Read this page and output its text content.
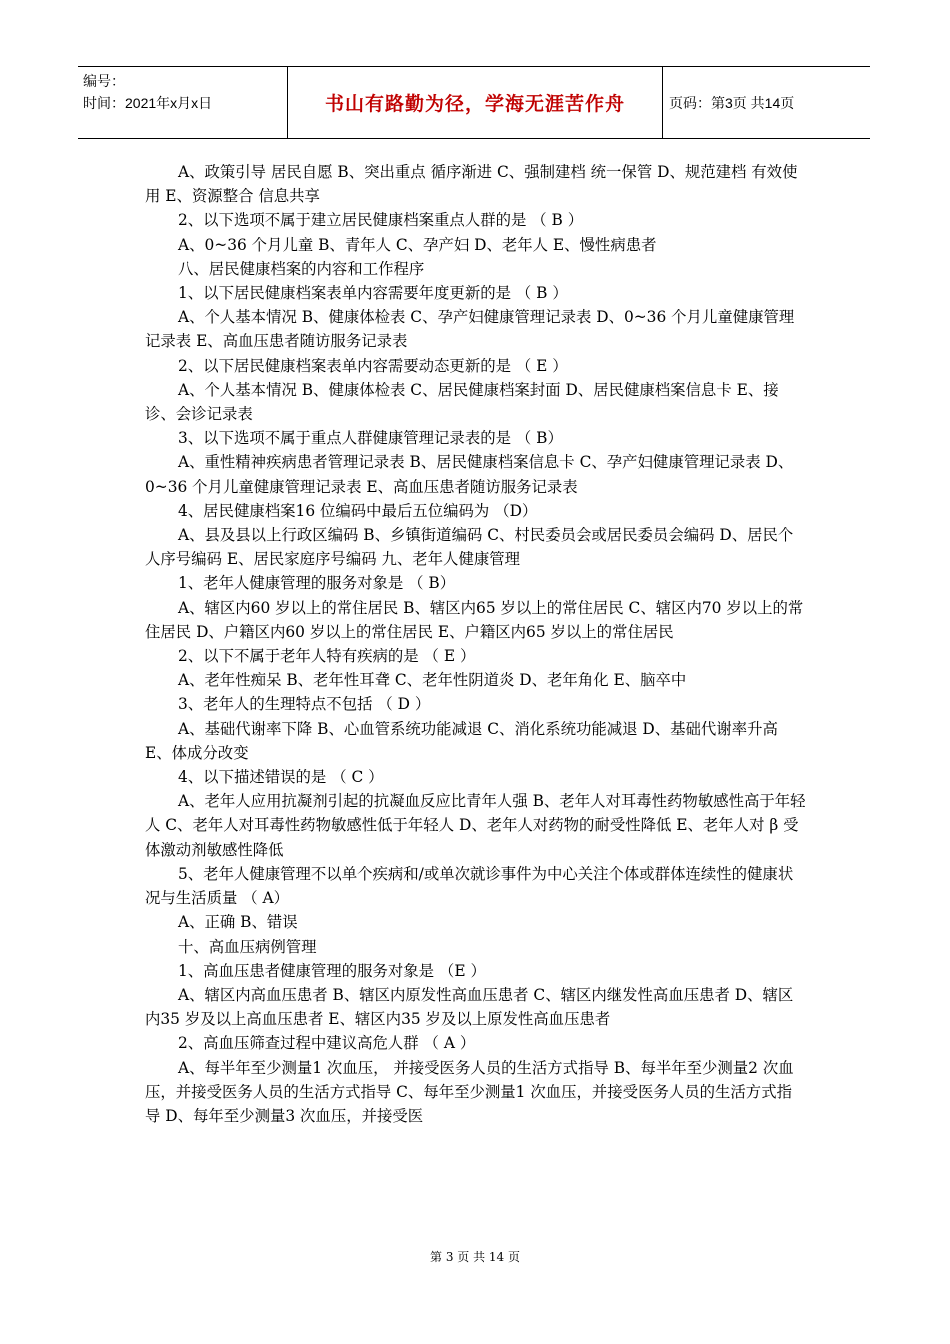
编号：
时间：2021年x月x日	书山有路勤为径，学海无涯苦作舟	页码：第3页 共14页

A、政策引导 居民自愿 B、突出重点 循序渐进 C、强制建档 统一保管 D、规范建档 有效使用 E、资源整合 信息共享

2、以下选项不属于建立居民健康档案重点人群的是 （ B ）

A、0~36 个月儿童 B、青年人 C、孕产妇 D、老年人 E、慢性病患者

八、居民健康档案的内容和工作程序

1、以下居民健康档案表单内容需要年度更新的是 （ B ）

A、个人基本情况 B、健康体检表 C、孕产妇健康管理记录表 D、0~36 个月儿童健康管理记录表 E、高血压患者随访服务记录表

2、以下居民健康档案表单内容需要动态更新的是 （ E ）

A、个人基本情况 B、健康体检表 C、居民健康档案封面 D、居民健康档案信息卡 E、接诊、会诊记录表

3、以下选项不属于重点人群健康管理记录表的是 （ B）

A、重性精神疾病患者管理记录表 B、居民健康档案信息卡 C、孕产妇健康管理记录表 D、0~36 个月儿童健康管理记录表 E、高血压患者随访服务记录表

4、居民健康档案16 位编码中最后五位编码为 （D）

A、县及县以上行政区编码 B、乡镇街道编码 C、村民委员会或居民委员会编码 D、居民个人序号编码 E、居民家庭序号编码 九、老年人健康管理

1、老年人健康管理的服务对象是 （ B）

A、辖区内60 岁以上的常住居民 B、辖区内65 岁以上的常住居民 C、辖区内70 岁以上的常住居民 D、户籍区内60 岁以上的常住居民 E、户籍区内65 岁以上的常住居民

2、以下不属于老年人特有疾病的是 （ E ）

A、老年性痴呆 B、老年性耳聋 C、老年性阴道炎 D、老年角化 E、脑卒中

3、老年人的生理特点不包括 （ D ）

A、基础代谢率下降 B、心血管系统功能减退 C、消化系统功能减退 D、基础代谢率升高 E、体成分改变

4、以下描述错误的是 （ C ）

A、老年人应用抗凝剂引起的抗凝血反应比青年人强 B、老年人对耳毒性药物敏感性高于年轻人 C、老年人对耳毒性药物敏感性低于年轻人 D、老年人对药物的耐受性降低 E、老年人对 β 受体激动剂敏感性降低

5、老年人健康管理不以单个疾病和/或单次就诊事件为中心关注个体或群体连续性的健康状 况与生活质量 （ A）

A、正确 B、错误

十、高血压病例管理

1、高血压患者健康管理的服务对象是 （E ）

A、辖区内高血压患者 B、辖区内原发性高血压患者 C、辖区内继发性高血压患者 D、辖区内35 岁及以上高血压患者 E、辖区内35 岁及以上原发性高血压患者

2、高血压筛查过程中建议高危人群 （ A ）

A、每半年至少测量1 次血压， 并接受医务人员的生活方式指导 B、每半年至少测量2 次血压，并接受医务人员的生活方式指导 C、每年至少测量1 次血压，并接受医务人员的生活方式指导 D、每年至少测量3 次血压，并接受医

第 3 页 共 14 页
